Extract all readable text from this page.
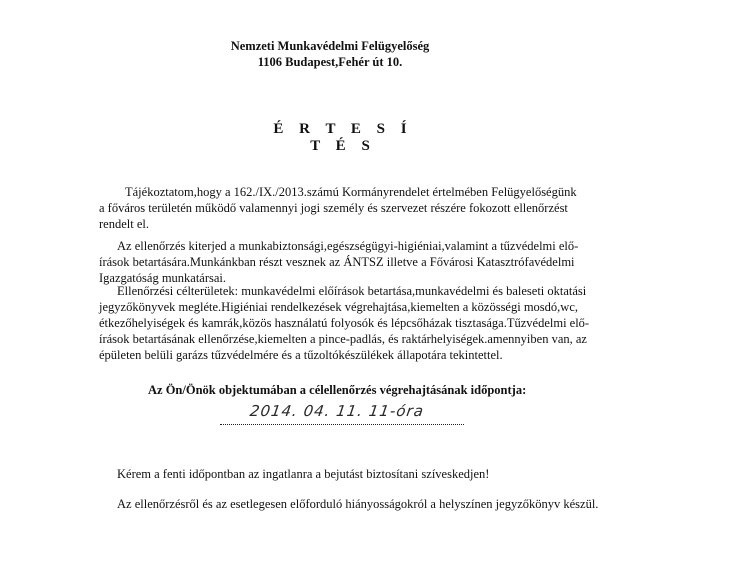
Nemzeti Munkavédelmi Felügyelőség
1106 Budapest,Fehér út 10.
É R T E S Í T É S
Tájékoztatom,hogy a 162./IX./2013.számú Kormányrendelet értelmében Felügyelőségünk
a főváros területén működő valamennyi jogi személy és szervezet részére fokozott ellenőrzést
rendelt el.
Az ellenőrzés kiterjed a munkabiztonsági,egészségügyi-higiéniai,valamint a tűzvédelmi elő-
írások betartására.Munkánkban részt vesznek az ÁNTSZ illetve a Fővárosi Katasztrófavédelmi
Igazgatóság munkatársai.
Ellenőrzési célterületek: munkavédelmi előírások betartása,munkavédelmi és baleseti oktatási
jegyzőkönyvek megléte.Higiéniai rendelkezések végrehajtása,kiemelten a közösségi mosdó,wc,
étkezőhelyiségek és kamrák,közös használatú folyosók és lépcsőházak tisztasága.Tűzvédelmi elő-
írások betartásának ellenőrzése,kiemelten a pince-padlás, és raktárhelyiségek.amennyiben van, az
épületen belüli garázs tűzvédelmére és a tűzoltókészülékek állapotára tekintettel.
Az Ön/Önök objektumában a célellenőrzés végrehajtásának időpontja:
2014. 04. 11. 11-óra
Kérem a fenti időpontban az ingatlanra a bejutást biztosítani szíveskedjen!
Az ellenőrzésről és az esetlegesen előforduló hiányosságokról a helyszínen jegyzőkönyv készül.
